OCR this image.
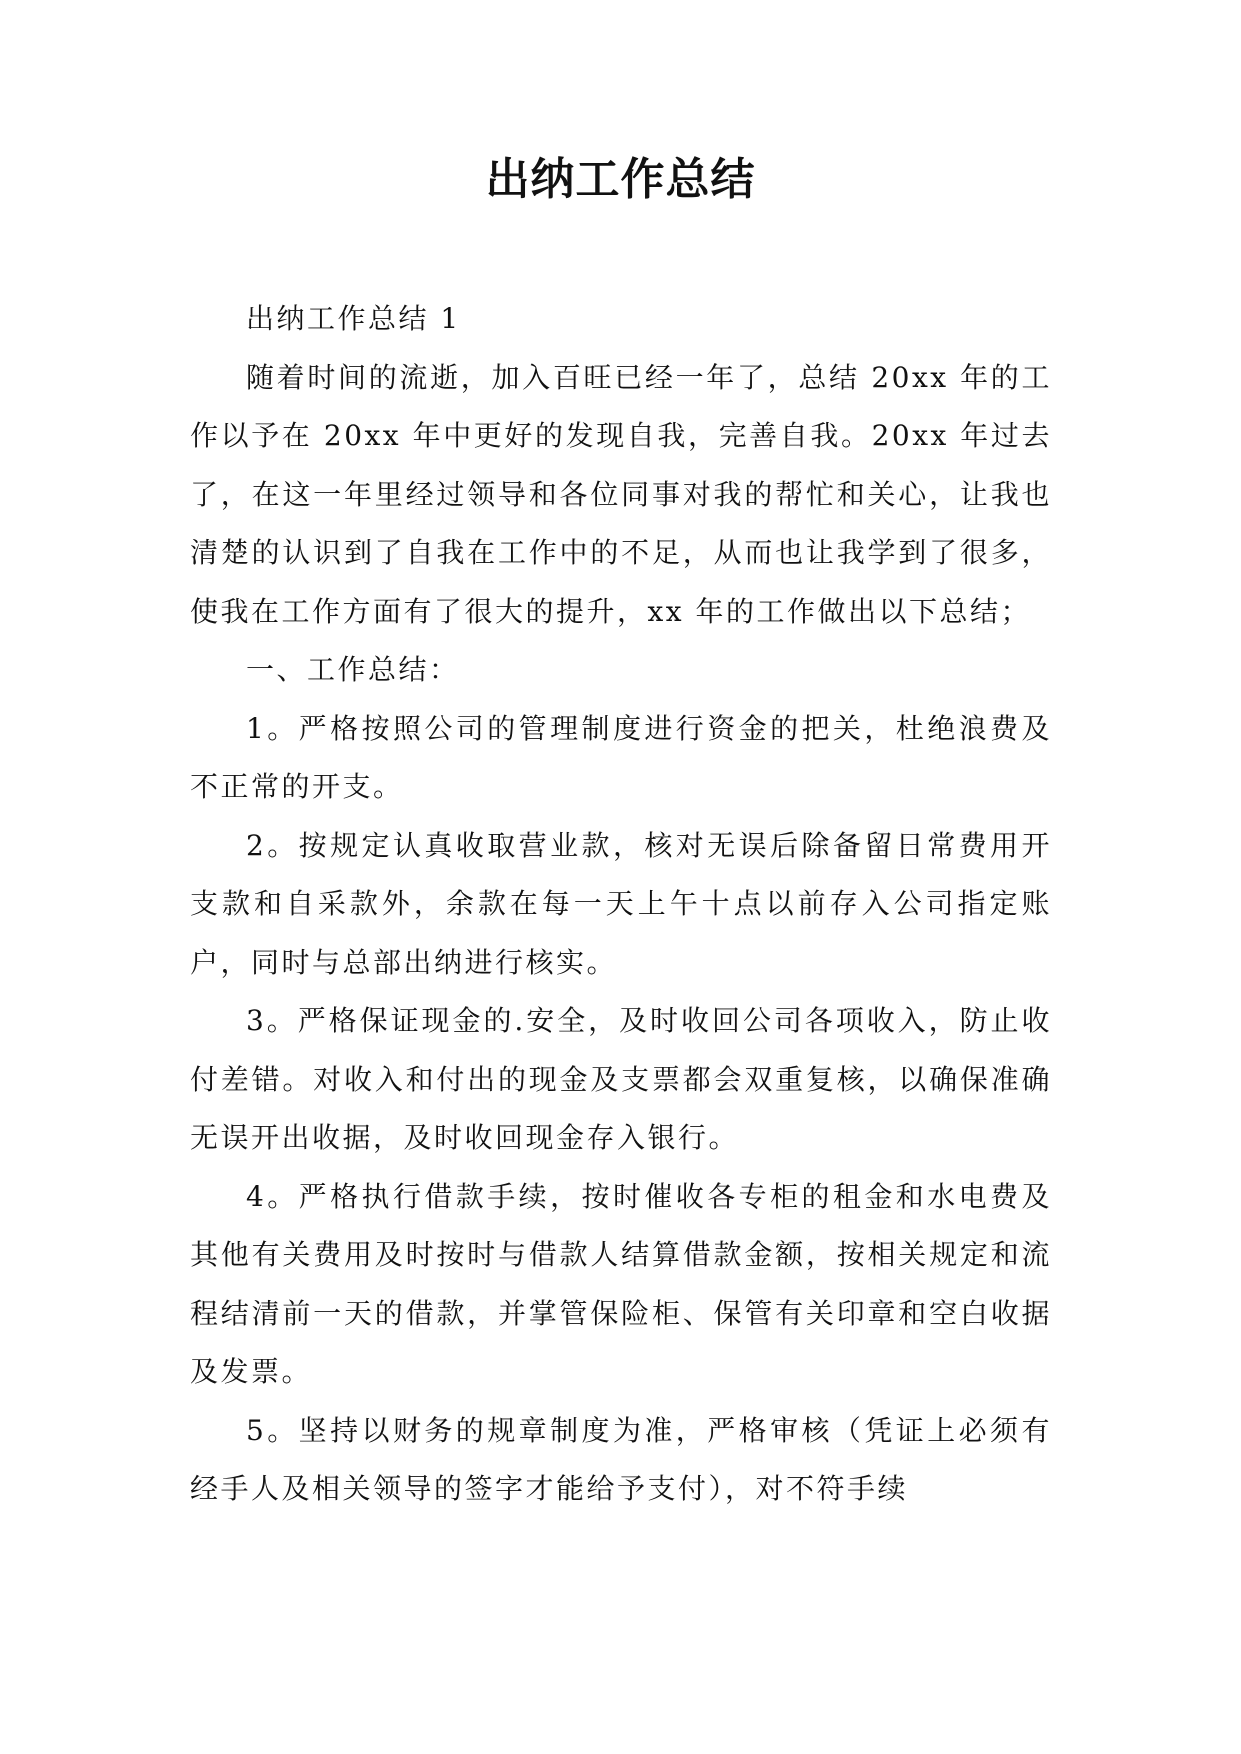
出纳工作总结

出纳工作总结 1

随着时间的流逝，加入百旺已经一年了，总结 20xx 年的工作以予在 20xx 年中更好的发现自我，完善自我。20xx 年过去了，在这一年里经过领导和各位同事对我的帮忙和关心，让我也清楚的认识到了自我在工作中的不足，从而也让我学到了很多，使我在工作方面有了很大的提升，xx 年的工作做出以下总结；

一、工作总结：

1。严格按照公司的管理制度进行资金的把关，杜绝浪费及不正常的开支。

2。按规定认真收取营业款，核对无误后除备留日常费用开支款和自采款外，余款在每一天上午十点以前存入公司指定账户，同时与总部出纳进行核实。

3。严格保证现金的.安全，及时收回公司各项收入，防止收付差错。对收入和付出的现金及支票都会双重复核，以确保准确无误开出收据，及时收回现金存入银行。

4。严格执行借款手续，按时催收各专柜的租金和水电费及其他有关费用及时按时与借款人结算借款金额，按相关规定和流程结清前一天的借款，并掌管保险柜、保管有关印章和空白收据及发票。

5。坚持以财务的规章制度为准，严格审核（凭证上必须有经手人及相关领导的签字才能给予支付），对不符手续
